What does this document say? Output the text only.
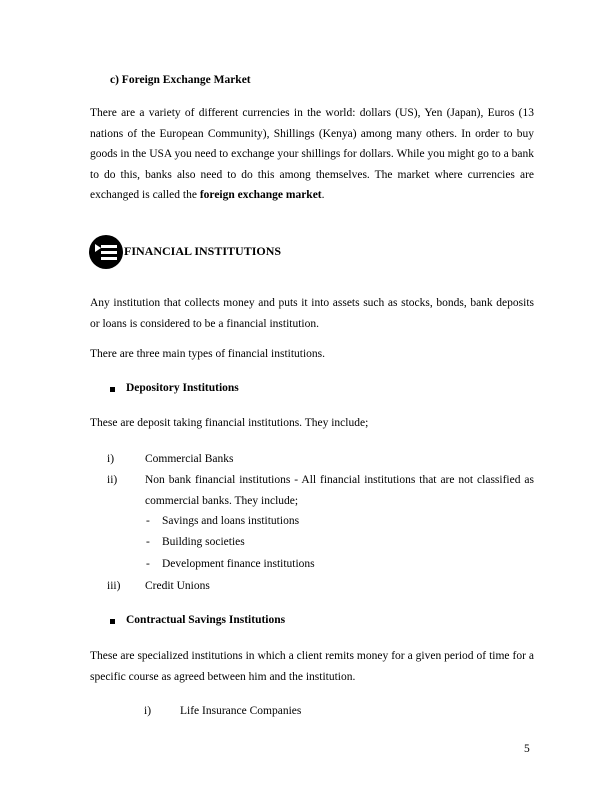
c) Foreign Exchange Market
There are a variety of different currencies in the world: dollars (US), Yen (Japan), Euros (13 nations of the European Community), Shillings (Kenya) among many others. In order to buy goods in the USA you need to exchange your shillings for dollars. While you might go to a bank to do this, banks also need to do this among themselves. The market where currencies are exchanged is called the foreign exchange market.
FINANCIAL INSTITUTIONS
Any institution that collects money and puts it into assets such as stocks, bonds, bank deposits or loans is considered to be a financial institution.
There are three main types of financial institutions.
Depository Institutions
These are deposit taking financial institutions. They include;
i)	Commercial Banks
ii) Non bank financial institutions - All financial institutions that are not classified as commercial banks. They include;
- Savings and loans institutions
- Building societies
- Development finance institutions
iii) Credit Unions
Contractual Savings Institutions
These are specialized institutions in which a client remits money for a given period of time for a specific course as agreed between him and the institution.
i)	Life Insurance Companies
5
